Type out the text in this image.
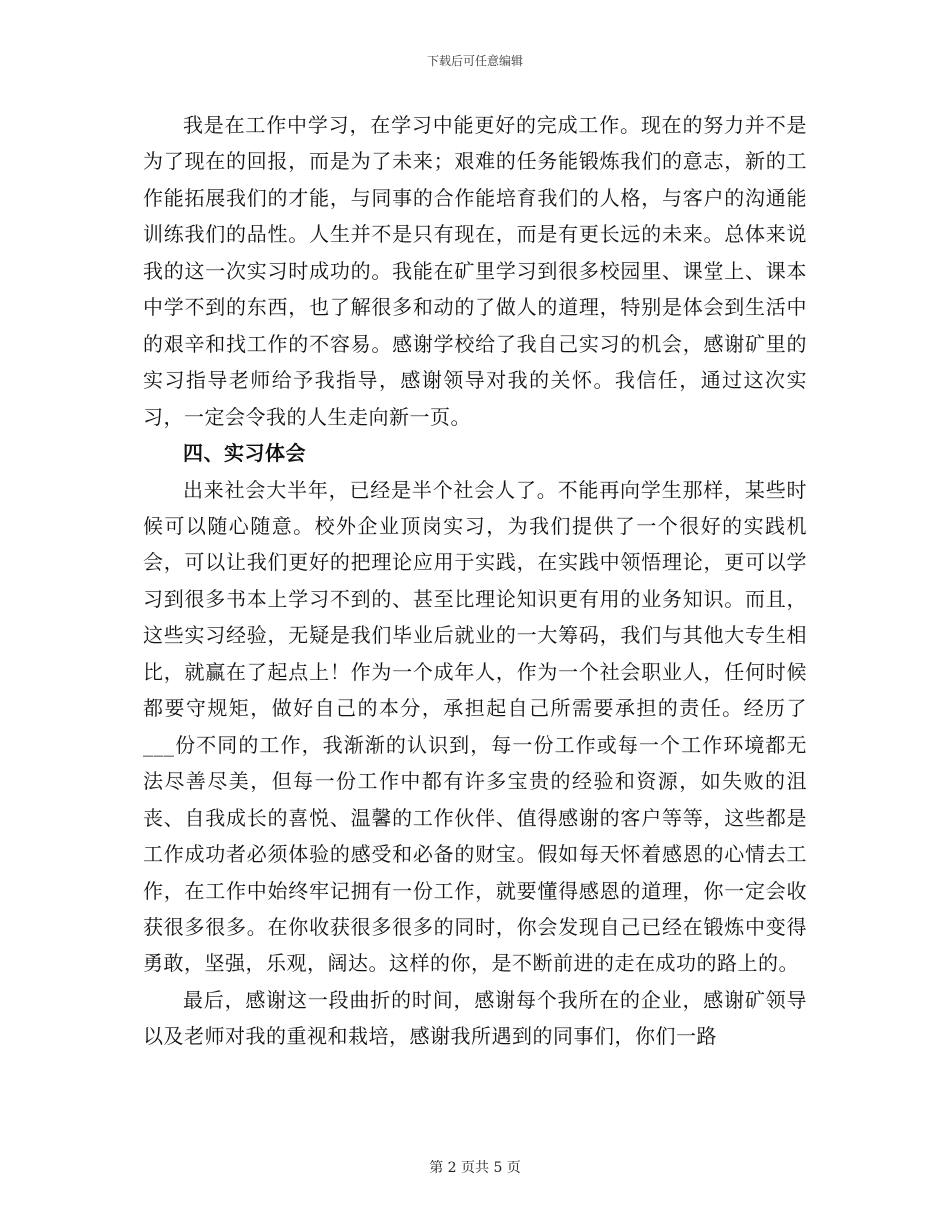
下载后可任意编辑

我是在工作中学习，在学习中能更好的完成工作。现在的努力并不是为了现在的回报，而是为了未来；艰难的任务能锻炼我们的意志，新的工作能拓展我们的才能，与同事的合作能培育我们的人格，与客户的沟通能训练我们的品性。人生并不是只有现在，而是有更长远的未来。总体来说我的这一次实习时成功的。我能在矿里学习到很多校园里、课堂上、课本中学不到的东西，也了解很多和动的了做人的道理，特别是体会到生活中的艰辛和找工作的不容易。感谢学校给了我自己实习的机会，感谢矿里的实习指导老师给予我指导，感谢领导对我的关怀。我信任，通过这次实习，一定会令我的人生走向新一页。

四、实习体会

出来社会大半年，已经是半个社会人了。不能再向学生那样，某些时候可以随心随意。校外企业顶岗实习，为我们提供了一个很好的实践机会，可以让我们更好的把理论应用于实践，在实践中领悟理论，更可以学习到很多书本上学习不到的、甚至比理论知识更有用的业务知识。而且，这些实习经验，无疑是我们毕业后就业的一大筹码，我们与其他大专生相比，就赢在了起点上！作为一个成年人，作为一个社会职业人，任何时候都要守规矩，做好自己的本分，承担起自己所需要承担的责任。经历了___份不同的工作，我渐渐的认识到，每一份工作或每一个工作环境都无法尽善尽美，但每一份工作中都有许多宝贵的经验和资源，如失败的沮丧、自我成长的喜悦、温馨的工作伙伴、值得感谢的客户等等，这些都是工作成功者必须体验的感受和必备的财宝。假如每天怀着感恩的心情去工作，在工作中始终牢记拥有一份工作，就要懂得感恩的道理，你一定会收获很多很多。在你收获很多很多的同时，你会发现自己已经在锻炼中变得勇敢，坚强，乐观，阔达。这样的你，是不断前进的走在成功的路上的。

最后，感谢这一段曲折的时间，感谢每个我所在的企业，感谢矿领导以及老师对我的重视和栽培，感谢我所遇到的同事们，你们一路

第 2 页共 5 页
